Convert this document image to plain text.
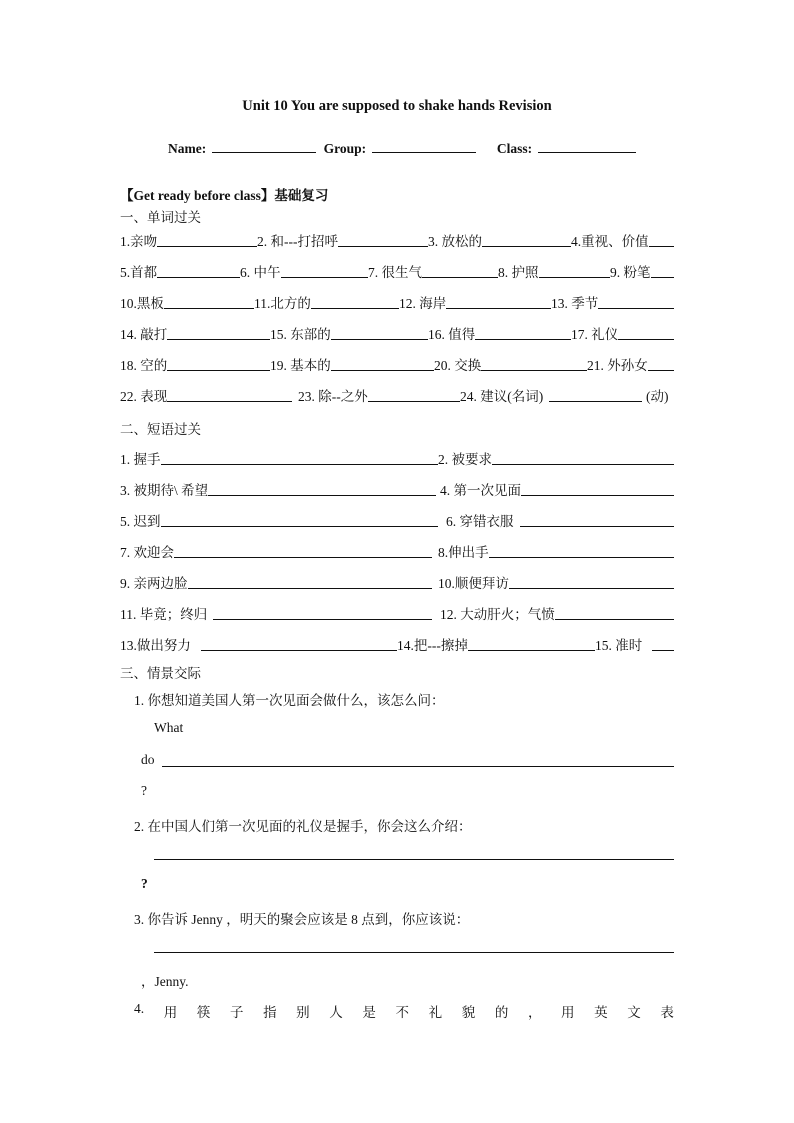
Unit 10 You are supposed to shake hands Revision
Name:	Group:	Class:
【Get ready before class】基础复习
一、单词过关
1.亲吻	2. 和---打招呼	3. 放松的	4.重视、价值
5.首都	6. 中午	7. 很生气	8. 护照	9. 粉笔
10.黑板	11.北方的	12. 海岸	13. 季节
14. 敲打	15. 东部的	16. 值得	17. 礼仪
18. 空的	19. 基本的	20. 交换	21. 外孙女
22. 表现	23. 除--之外	24. 建议(名词)	(动)
二、短语过关
1. 握手	2. 被要求
3. 被期待\ 希望	4. 第一次见面
5. 迟到	6. 穿错衣服
7. 欢迎会	8.伸出手
9. 亲两边脸	10.顺便拜访
11. 毕竟；终归	12. 大动肝火；气愤
13.做出努力	14.把---擦掉	15. 准时
三、情景交际
1. 你想知道美国人第一次见面会做什么，该怎么问：
What
do
?
2. 在中国人们第一次见面的礼仪是握手，你会这么介绍：
?
3. 你告诉 Jenny ，明天的聚会应该是 8 点到，你应该说：
，Jenny.
4. 用 筷 子 指 别 人 是 不 礼 貌 的 ， 用 英 文 表
